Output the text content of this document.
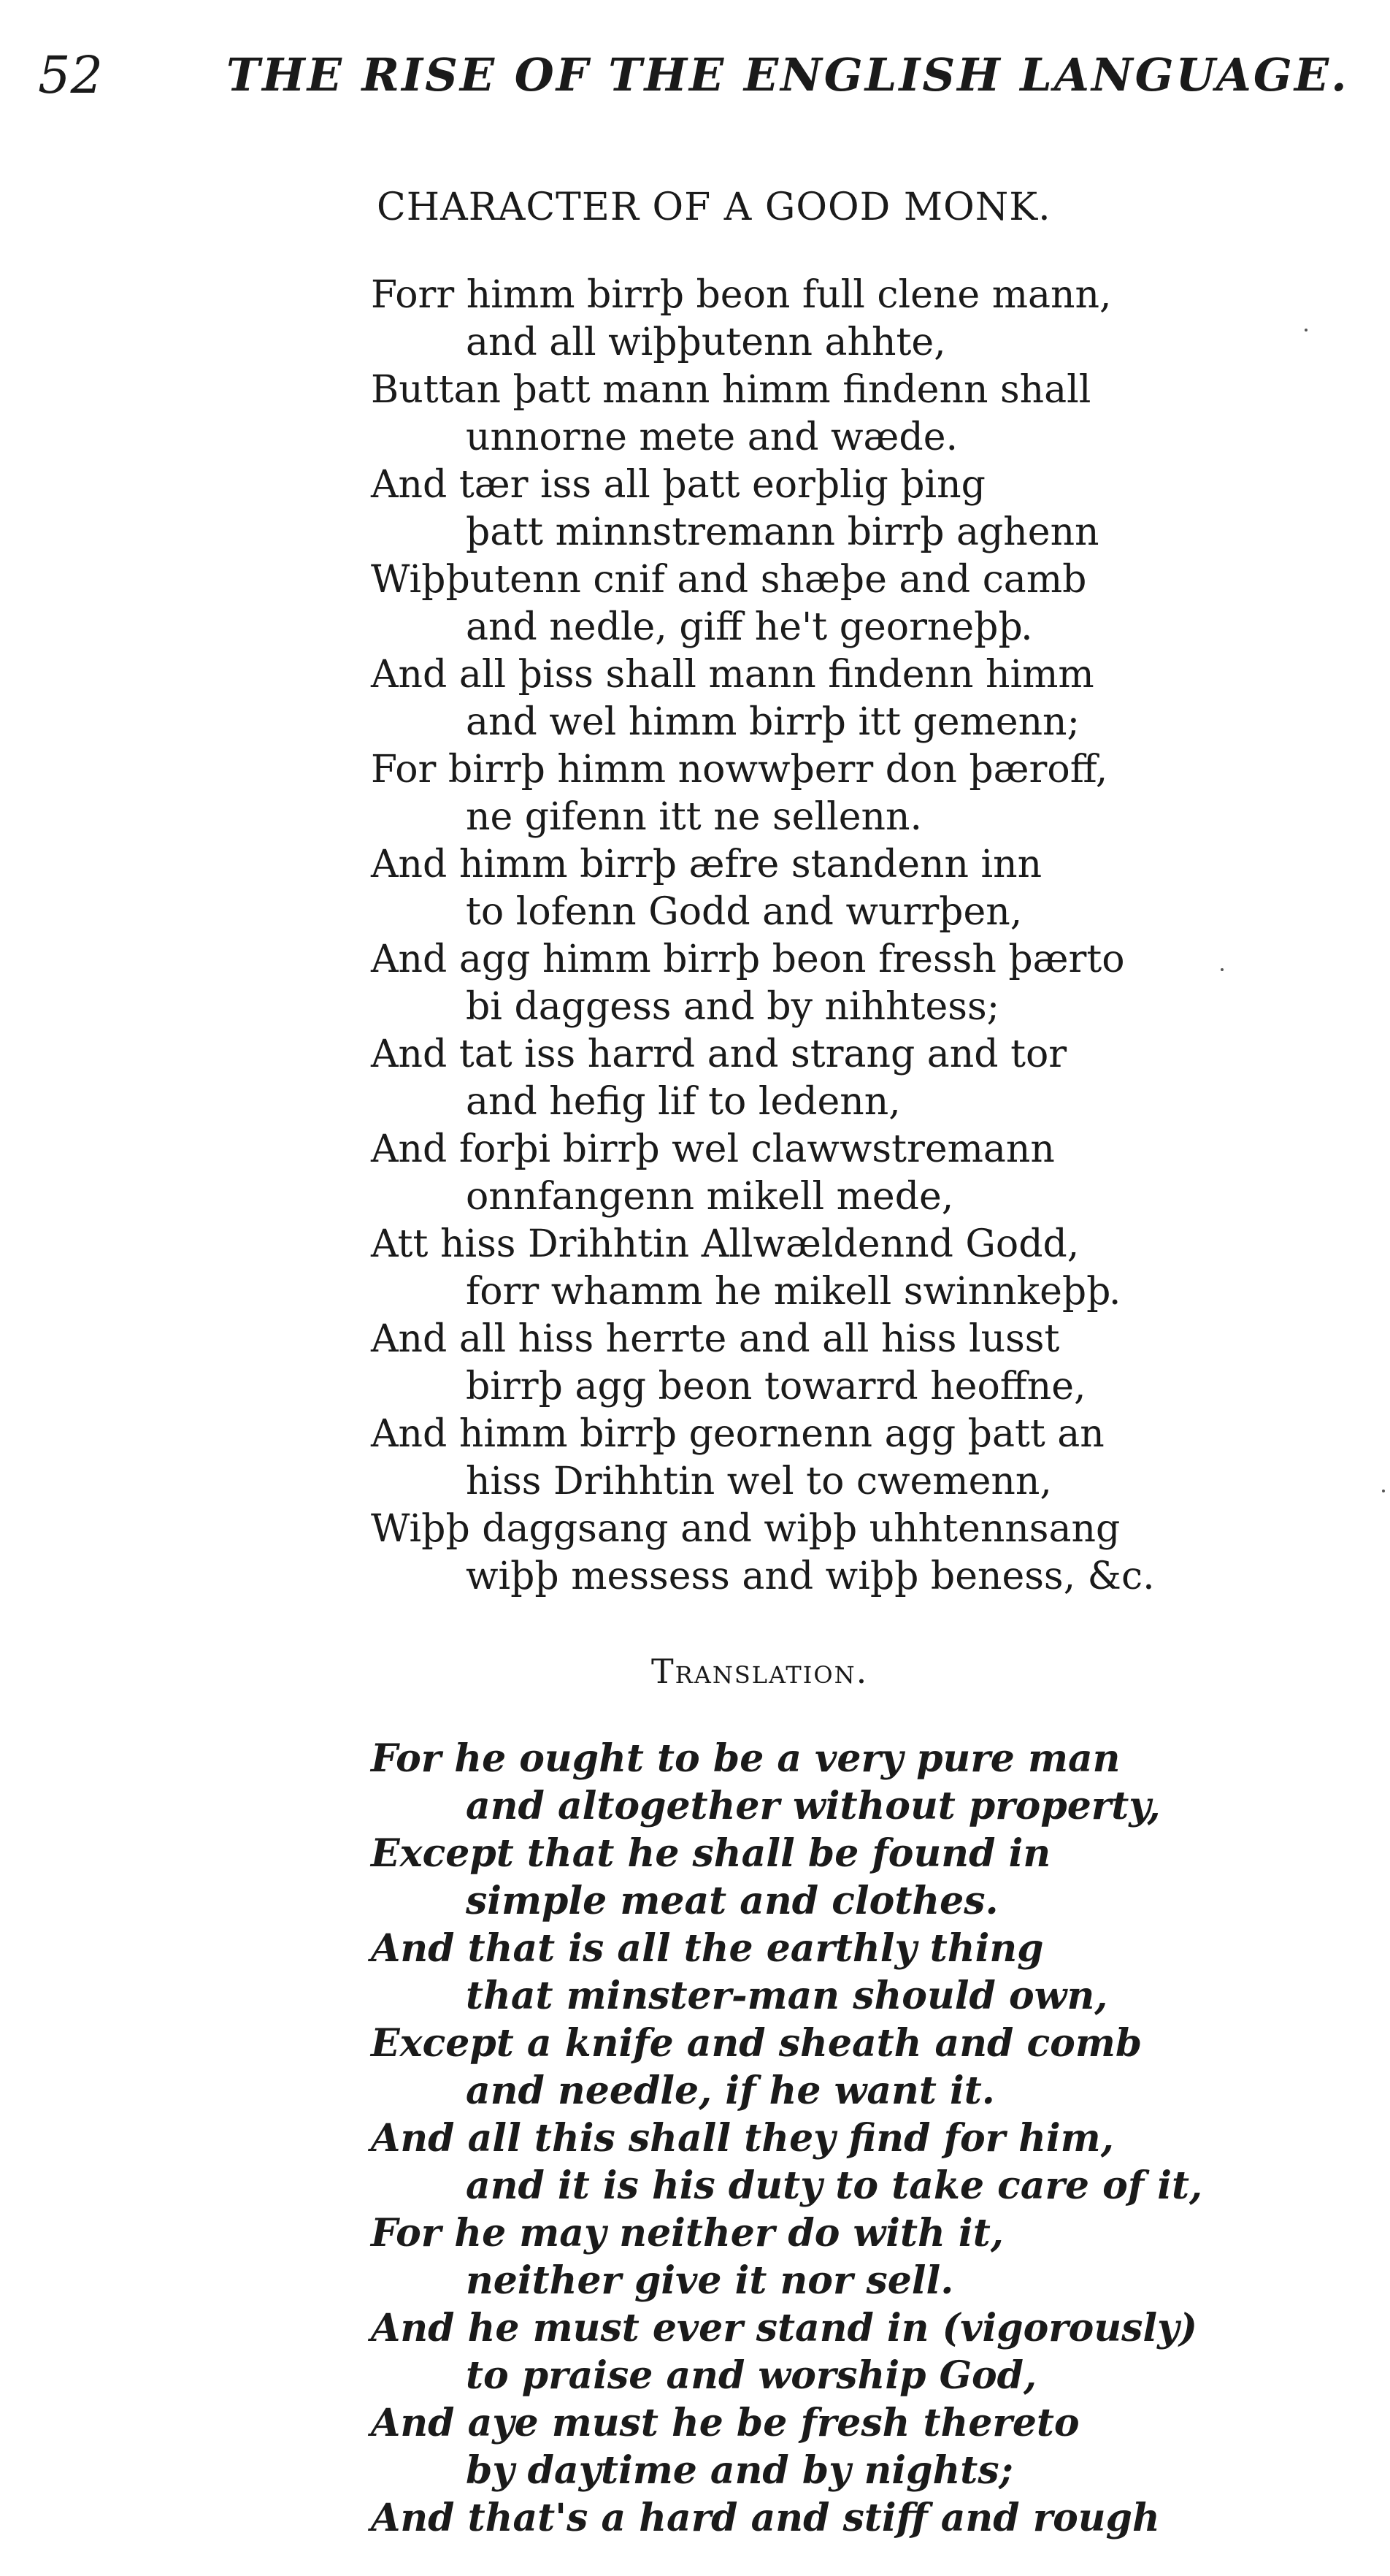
52	THE RISE OF THE ENGLISH LANGUAGE.
CHARACTER OF A GOOD MONK.
Forr himm birrþ beon full clene mann,
and all wiþþutenn ahhte,
Buttan þatt mann himm findenn shall
unnorne mete and wæde.
And tær iss all þatt eorþlig þing
þatt minnstremann birrþ aghenn
Wiþþutenn cnif and shæþe and camb
and nedle, giff he't georneþþ.
And all þiss shall mann findenn himm
and wel himm birrþ itt gemenn;
For birrþ himm nowwþerr don þæroff,
ne gifenn itt ne sellenn.
And himm birrþ æfre standenn inn
to lofenn Godd and wurrþen,
And agg himm birrþ beon fressh þærto
bi daggess and by nihhtess;
And tat iss harrd and strang and tor
and hefig lif to ledenn,
And forþi birrþ wel clawwstremann
onnfangenn mikell mede,
Att hiss Drihhtin Allwældennd Godd,
forr whamm he mikell swinnkeþþ.
And all hiss herrte and all hiss lusst
birrþ agg beon towarrd heoffne,
And himm birrþ geornenn agg þatt an
hiss Drihhtin wel to cwemenn,
Wiþþ daggsang and wiþþ uhhtennsang
wiþþ messess and wiþþ beness, &c.
Translation.
For he ought to be a very pure man
and altogether without property,
Except that he shall be found in
simple meat and clothes.
And that is all the earthly thing
that minster-man should own,
Except a knife and sheath and comb
and needle, if he want it.
And all this shall they find for him,
and it is his duty to take care of it,
For he may neither do with it,
neither give it nor sell.
And he must ever stand in (vigorously)
to praise and worship God,
And aye must he be fresh thereto
by daytime and by nights;
And that's a hard and stiff and rough
